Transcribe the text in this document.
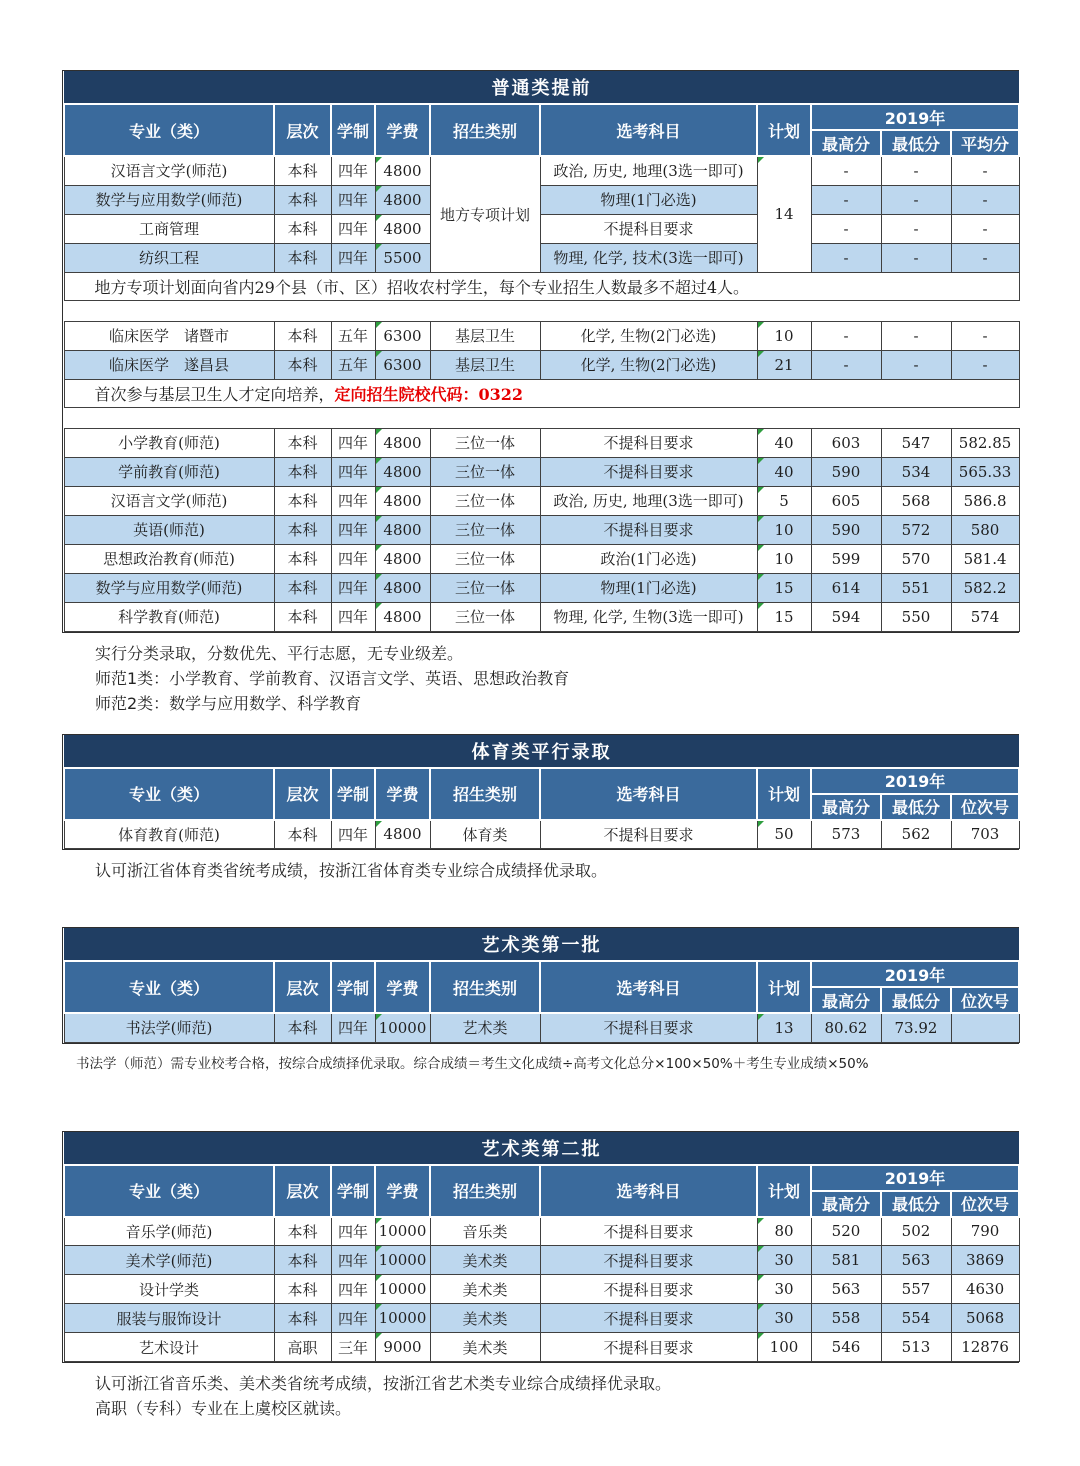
普通类提前									
专业（类）	层次	学制	学费	招生类别	选考科目	计划	2019年		
							最高分	最低分	平均分
汉语言文学(师范)	本科	四年	4800	地方专项计划	政治, 历史, 地理(3选一即可)	14	-	-	-
数学与应用数学(师范)	本科	四年	4800		物理(1门必选)		-	-	-
工商管理	本科	四年	4800		不提科目要求		-	-	-
纺织工程	本科	四年	5500		物理, 化学, 技术(3选一即可)		-	-	-
地方专项计划面向省内29个县（市、区）招收农村学生，每个专业招生人数最多不超过4人。									

临床医学　诸暨市	本科	五年	6300	基层卫生	化学, 生物(2门必选)	10	-	-	-
临床医学　遂昌县	本科	五年	6300	基层卫生	化学, 生物(2门必选)	21	-	-	-
首次参与基层卫生人才定向培养，定向招生院校代码：0322									

小学教育(师范)	本科	四年	4800	三位一体	不提科目要求	40	603	547	582.85
学前教育(师范)	本科	四年	4800	三位一体	不提科目要求	40	590	534	565.33
汉语言文学(师范)	本科	四年	4800	三位一体	政治, 历史, 地理(3选一即可)	5	605	568	586.8
英语(师范)	本科	四年	4800	三位一体	不提科目要求	10	590	572	580
思想政治教育(师范)	本科	四年	4800	三位一体	政治(1门必选)	10	599	570	581.4
数学与应用数学(师范)	本科	四年	4800	三位一体	物理(1门必选)	15	614	551	582.2
科学教育(师范)	本科	四年	4800	三位一体	物理, 化学, 生物(3选一即可)	15	594	550	574
实行分类录取，分数优先、平行志愿，无专业级差。
师范1类：小学教育、学前教育、汉语言文学、英语、思想政治教育
师范2类：数学与应用数学、科学教育
体育类平行录取									
专业（类）	层次	学制	学费	招生类别	选考科目	计划	2019年		
							最高分	最低分	位次号
体育教育(师范)	本科	四年	4800	体育类	不提科目要求	50	573	562	703
认可浙江省体育类省统考成绩，按浙江省体育类专业综合成绩择优录取。
艺术类第一批									
专业（类）	层次	学制	学费	招生类别	选考科目	计划	2019年		
							最高分	最低分	位次号
书法学(师范)	本科	四年	10000	艺术类	不提科目要求	13	80.62	73.92	
书法学（师范）需专业校考合格，按综合成绩择优录取。综合成绩＝考生文化成绩÷高考文化总分×100×50%＋考生专业成绩×50%
艺术类第二批									
专业（类）	层次	学制	学费	招生类别	选考科目	计划	2019年		
							最高分	最低分	位次号
音乐学(师范)	本科	四年	10000	音乐类	不提科目要求	80	520	502	790
美术学(师范)	本科	四年	10000	美术类	不提科目要求	30	581	563	3869
设计学类	本科	四年	10000	美术类	不提科目要求	30	563	557	4630
服装与服饰设计	本科	四年	10000	美术类	不提科目要求	30	558	554	5068
艺术设计	高职	三年	9000	美术类	不提科目要求	100	546	513	12876
认可浙江省音乐类、美术类省统考成绩，按浙江省艺术类专业综合成绩择优录取。
高职（专科）专业在上虞校区就读。
